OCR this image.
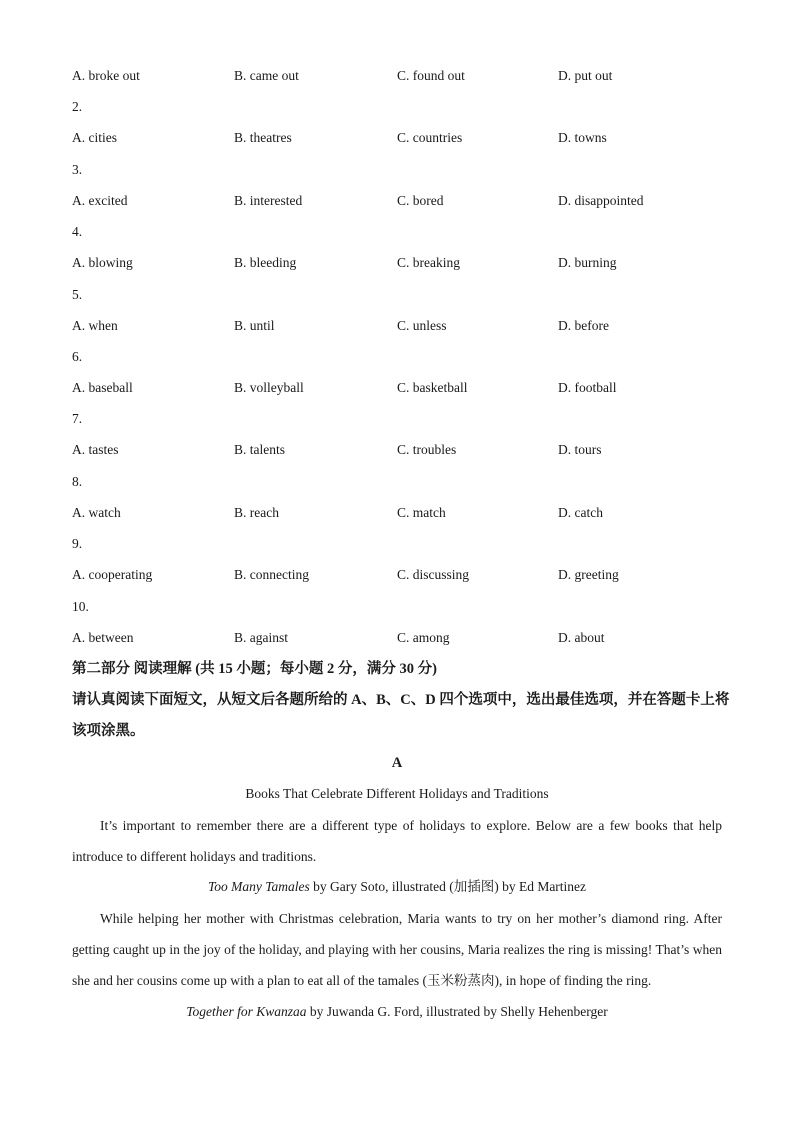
A. broke out	B. came out	C. found out	D. put out
2.
A. cities	B. theatres	C. countries	D. towns
3.
A. excited	B. interested	C. bored	D. disappointed
4.
A. blowing	B. bleeding	C. breaking	D. burning
5.
A. when	B. until	C. unless	D. before
6.
A. baseball	B. volleyball	C. basketball	D. football
7.
A. tastes	B. talents	C. troubles	D. tours
8.
A. watch	B. reach	C. match	D. catch
9.
A. cooperating	B. connecting	C. discussing	D. greeting
10.
A. between	B. against	C. among	D. about
第二部分 阅读理解 (共 15 小题；每小题 2 分，满分 30 分)
请认真阅读下面短文，从短文后各题所给的 A、B、C、D 四个选项中，选出最佳选项，并在答题卡上将该项涂黑。
A
Books That Celebrate Different Holidays and Traditions
It’s important to remember there are a different type of holidays to explore. Below are a few books that help introduce to different holidays and traditions.
Too Many Tamales by Gary Soto, illustrated (加插图) by Ed Martinez
While helping her mother with Christmas celebration, Maria wants to try on her mother’s diamond ring. After getting caught up in the joy of the holiday, and playing with her cousins, Maria realizes the ring is missing! That’s when she and her cousins come up with a plan to eat all of the tamales (玉米粉蒸肉), in hope of finding the ring.
Together for Kwanzaa by Juwanda G. Ford, illustrated by Shelly Hehenberger
